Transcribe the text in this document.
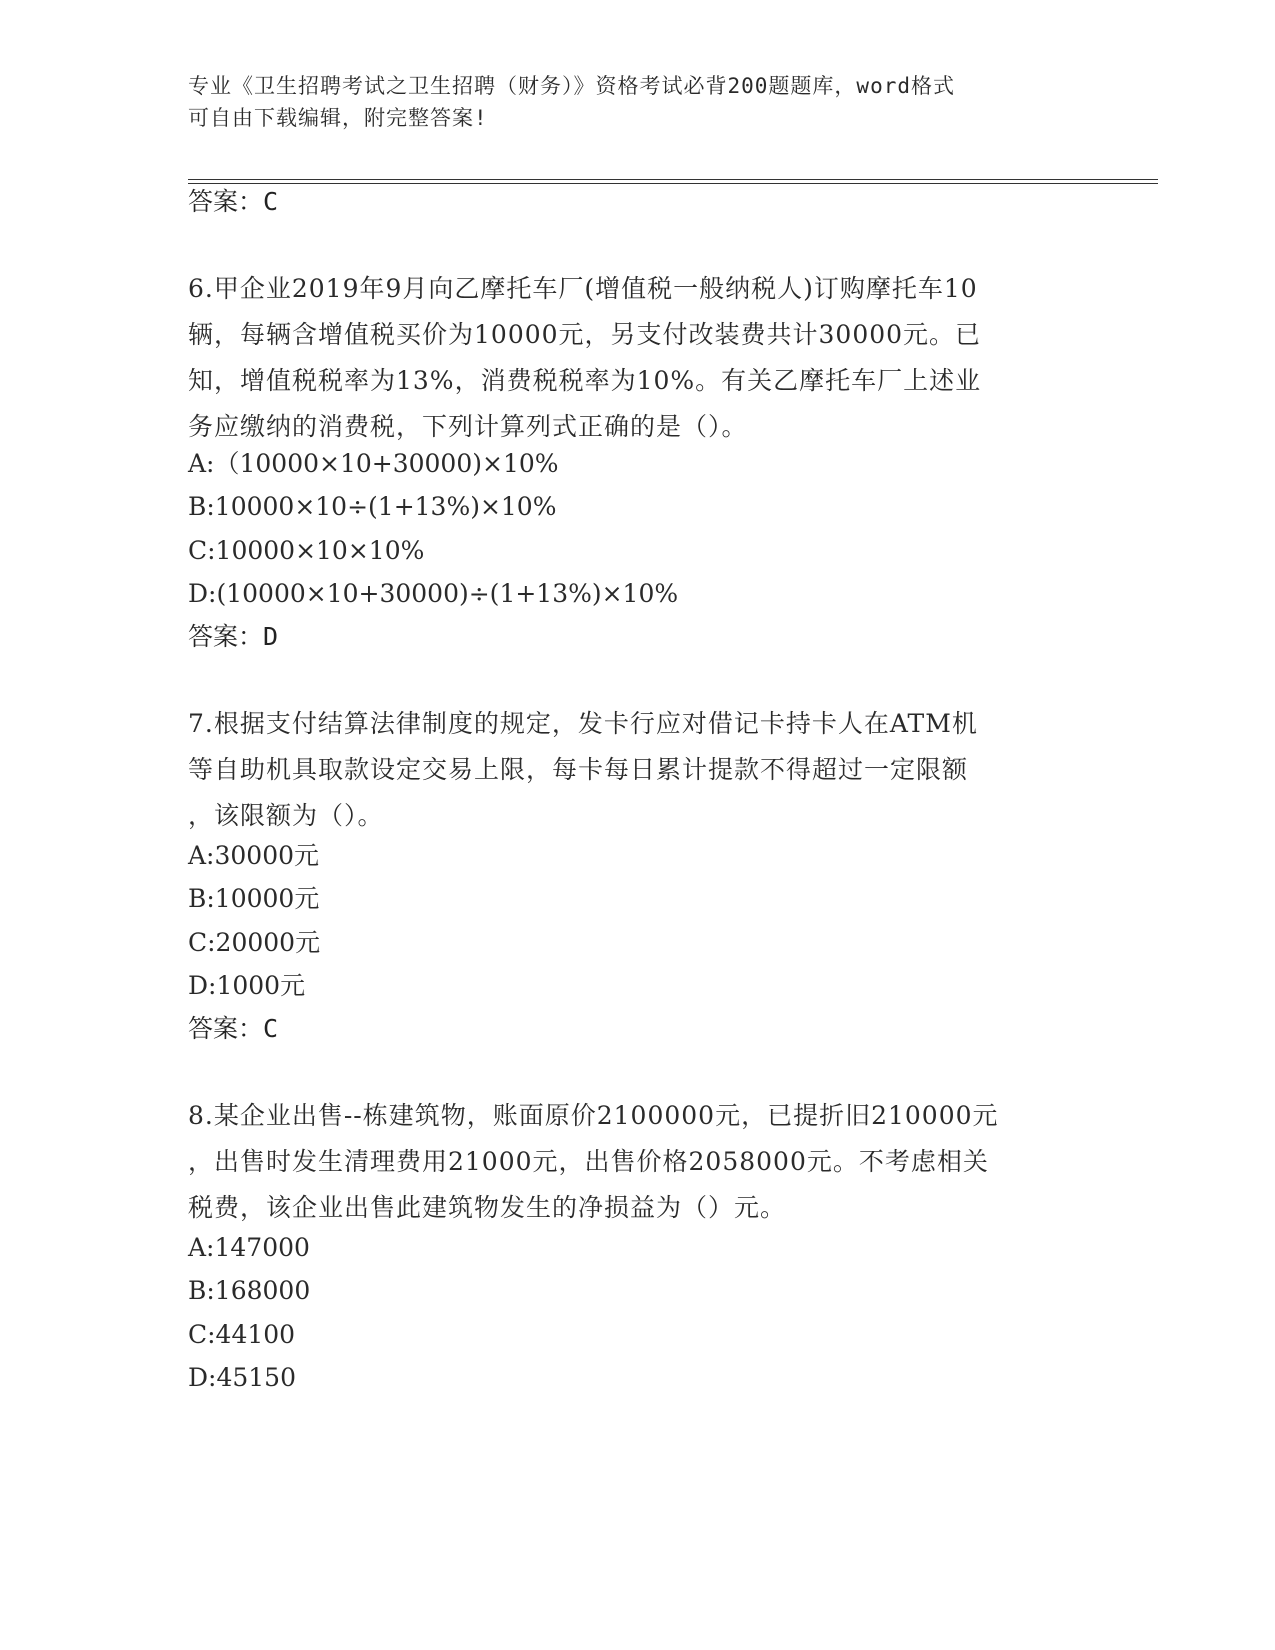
专业《卫生招聘考试之卫生招聘（财务）》资格考试必背200题题库，word格式
可自由下载编辑，附完整答案!
答案：C
6.甲企业2019年9月向乙摩托车厂(增值税一般纳税人)订购摩托车10
辆，每辆含增值税买价为10000元，另支付改装费共计30000元。已
知，增值税税率为13%，消费税税率为10%。有关乙摩托车厂上述业
务应缴纳的消费税，下列计算列式正确的是（）。
A:（10000×10+30000)×10%
B:10000×10÷(1+13%)×10%
C:10000×10×10%
D:(10000×10+30000)÷(1+13%)×10%
答案：D
7.根据支付结算法律制度的规定，发卡行应对借记卡持卡人在ATM机
等自助机具取款设定交易上限，每卡每日累计提款不得超过一定限额
，该限额为（）。
A:30000元
B:10000元
C:20000元
D:1000元
答案：C
8.某企业出售--栋建筑物，账面原价2100000元，已提折旧210000元
，出售时发生清理费用21000元，出售价格2058000元。不考虑相关
税费，该企业出售此建筑物发生的净损益为（）元。
A:147000
B:168000
C:44100
D:45150
